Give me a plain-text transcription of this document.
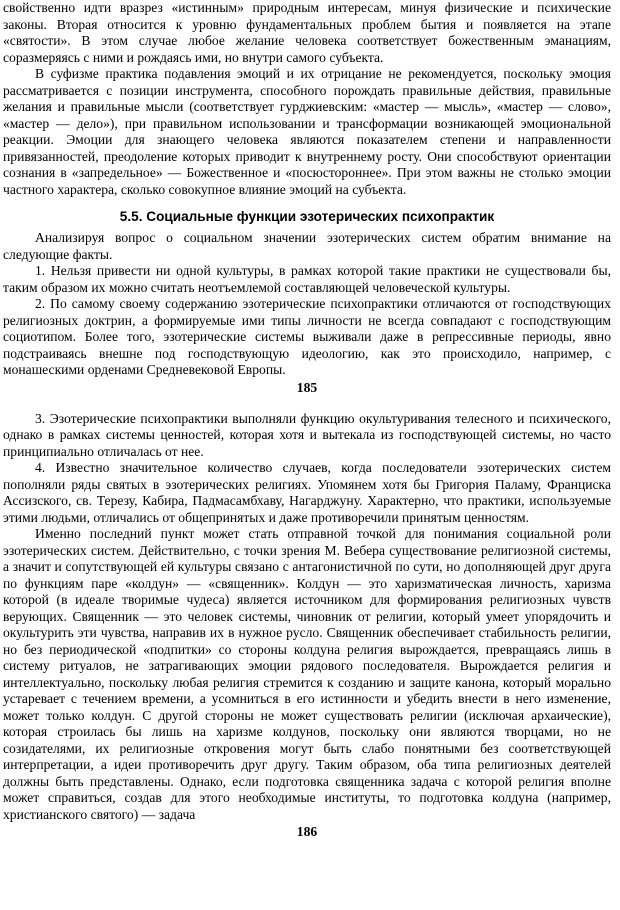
свойственно идти вразрез «истинным» природным интересам, минуя физические и психические законы. Вторая относится к уровню фундаментальных проблем бытия и появляется на этапе «святости». В этом случае любое желание человека соответствует божественным эманациям, соразмеряясь с ними и рождаясь ими, но внутри самого субъекта.

В суфизме практика подавления эмоций и их отрицание не рекомендуется, поскольку эмоция рассматривается с позиции инструмента, способного порождать правильные действия, правильные желания и правильные мысли (соответствует гурджиевским: «мастер — мысль», «мастер — слово», «мастер — дело»), при правильном использовании и трансформации возникающей эмоциональной реакции. Эмоции для знающего человека являются показателем степени и направленности привязанностей, преодоление которых приводит к внутреннему росту. Они способствуют ориентации сознания в «запредельное» — Божественное и «посюстороннее». При этом важны не столько эмоции частного характера, сколько совокупное влияние эмоций на субъекта.

5.5. Социальные функции эзотерических психопрактик

Анализируя вопрос о социальном значении эзотерических систем обратим внимание на следующие факты.

1. Нельзя привести ни одной культуры, в рамках которой такие практики не существовали бы, таким образом их можно считать неотъемлемой составляющей человеческой культуры.

2. По самому своему содержанию эзотерические психопрактики отличаются от господствующих религиозных доктрин, а формируемые ими типы личности не всегда совпадают с господствующим социотипом. Более того, эзотерические системы выживали даже в репрессивные периоды, явно подстраиваясь внешне под господствующую идеологию, как это происходило, например, с монашескими орденами Средневековой Европы.

185

3. Эзотерические психопрактики выполняли функцию окультуривания телесного и психического, однако в рамках системы ценностей, которая хотя и вытекала из господствующей системы, но часто принципиально отличалась от нее.

4. Известно значительное количество случаев, когда последователи эзотерических систем пополняли ряды святых в эзотерических религиях. Упомянем хотя бы Григория Паламу, Франциска Ассизского, св. Терезу, Кабира, Падмасамбхаву, Нагарджуну. Характерно, что практики, используемые этими людьми, отличались от общепринятых и даже противоречили принятым ценностям.

Именно последний пункт может стать отправной точкой для понимания социальной роли эзотерических систем. Действительно, с точки зрения М. Вебера существование религиозной системы, а значит и сопутствующей ей культуры связано с антагонистичной по сути, но дополняющей друг друга по функциям паре «колдун» — «священник». Колдун — это харизматическая личность, харизма которой (в идеале творимые чудеса) является источником для формирования религиозных чувств верующих. Священник — это человек системы, чиновник от религии, который умеет упорядочить и окультурить эти чувства, направив их в нужное русло. Священник обеспечивает стабильность религии, но без периодической «подпитки» со стороны колдуна религия вырождается, превращаясь лишь в систему ритуалов, не затрагивающих эмоции рядового последователя. Вырождается религия и интеллектуально, поскольку любая религия стремится к созданию и защите канона, который морально устаревает с течением времени, а усомниться в его истинности и убедить внести в него изменение, может только колдун. С другой стороны не может существовать религии (исключая архаические), которая строилась бы лишь на харизме колдунов, поскольку они являются творцами, но не созидателями, их религиозные откровения могут быть слабо понятными без соответствующей интерпретации, а идеи противоречить друг другу. Таким образом, оба типа религиозных деятелей должны быть представлены. Однако, если подготовка священника задача с которой религия вполне может справиться, создав для этого необходимые институты, то подготовка колдуна (например, христианского святого) — задача

186
